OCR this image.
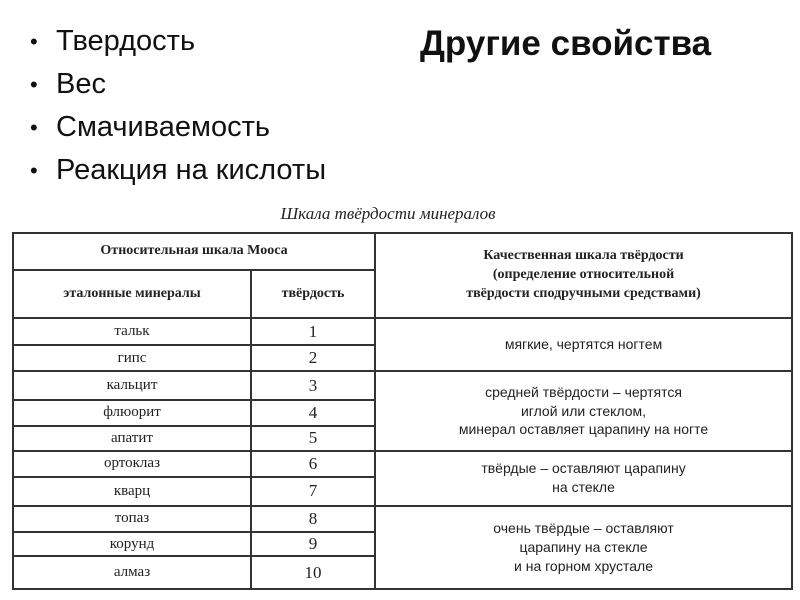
• Твердость
• Вес
• Смачиваемость
• Реакция на кислоты
Другие свойства
Шкала твёрдости минералов
Относительная шкала Мооса		Качественная шкала твёрдости
(определение относительной
твёрдости сподручными средствами)

эталонные минералы	твёрдость	
тальк	1	мягкие, чертятся ногтем

гипс	2	
кальцит	3	средней твёрдости – чертятся
иглой или стеклом,
минерал оставляет царапину на ногте

флюорит	4	
апатит	5	
ортоклаз	6	твёрдые – оставляют царапину
на стекле

кварц	7	
топаз	8	очень твёрдые – оставляют
царапину на стекле
и на горном хрустале

корунд	9	
алмаз	10	
